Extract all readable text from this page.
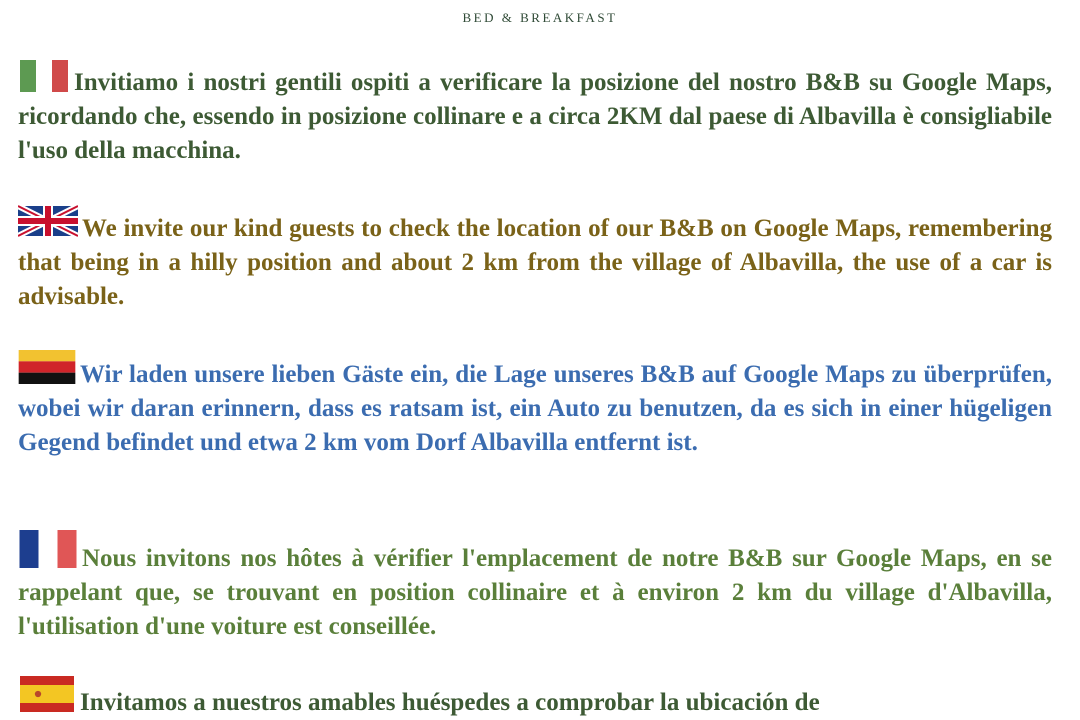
BED & BREAKFAST

Invitiamo i nostri gentili ospiti a verificare la posizione del nostro B&B su Google Maps, ricordando che, essendo in posizione collinare e a circa 2KM dal paese di Albavilla è consigliabile l'uso della macchina.

We invite our kind guests to check the location of our B&B on Google Maps, remembering that being in a hilly position and about 2 km from the village of Albavilla, the use of a car is advisable.

Wir laden unsere lieben Gäste ein, die Lage unseres B&B auf Google Maps zu überprüfen, wobei wir daran erinnern, dass es ratsam ist, ein Auto zu benutzen, da es sich in einer hügeligen Gegend befindet und etwa 2 km vom Dorf Albavilla entfernt ist.

Nous invitons nos hôtes à vérifier l'emplacement de notre B&B sur Google Maps, en se rappelant que, se trouvant en position collinaire et à environ 2 km du village d'Albavilla, l'utilisation d'une voiture est conseillée.

Invitamos a nuestros amables huéspedes a comprobar la ubicación de
